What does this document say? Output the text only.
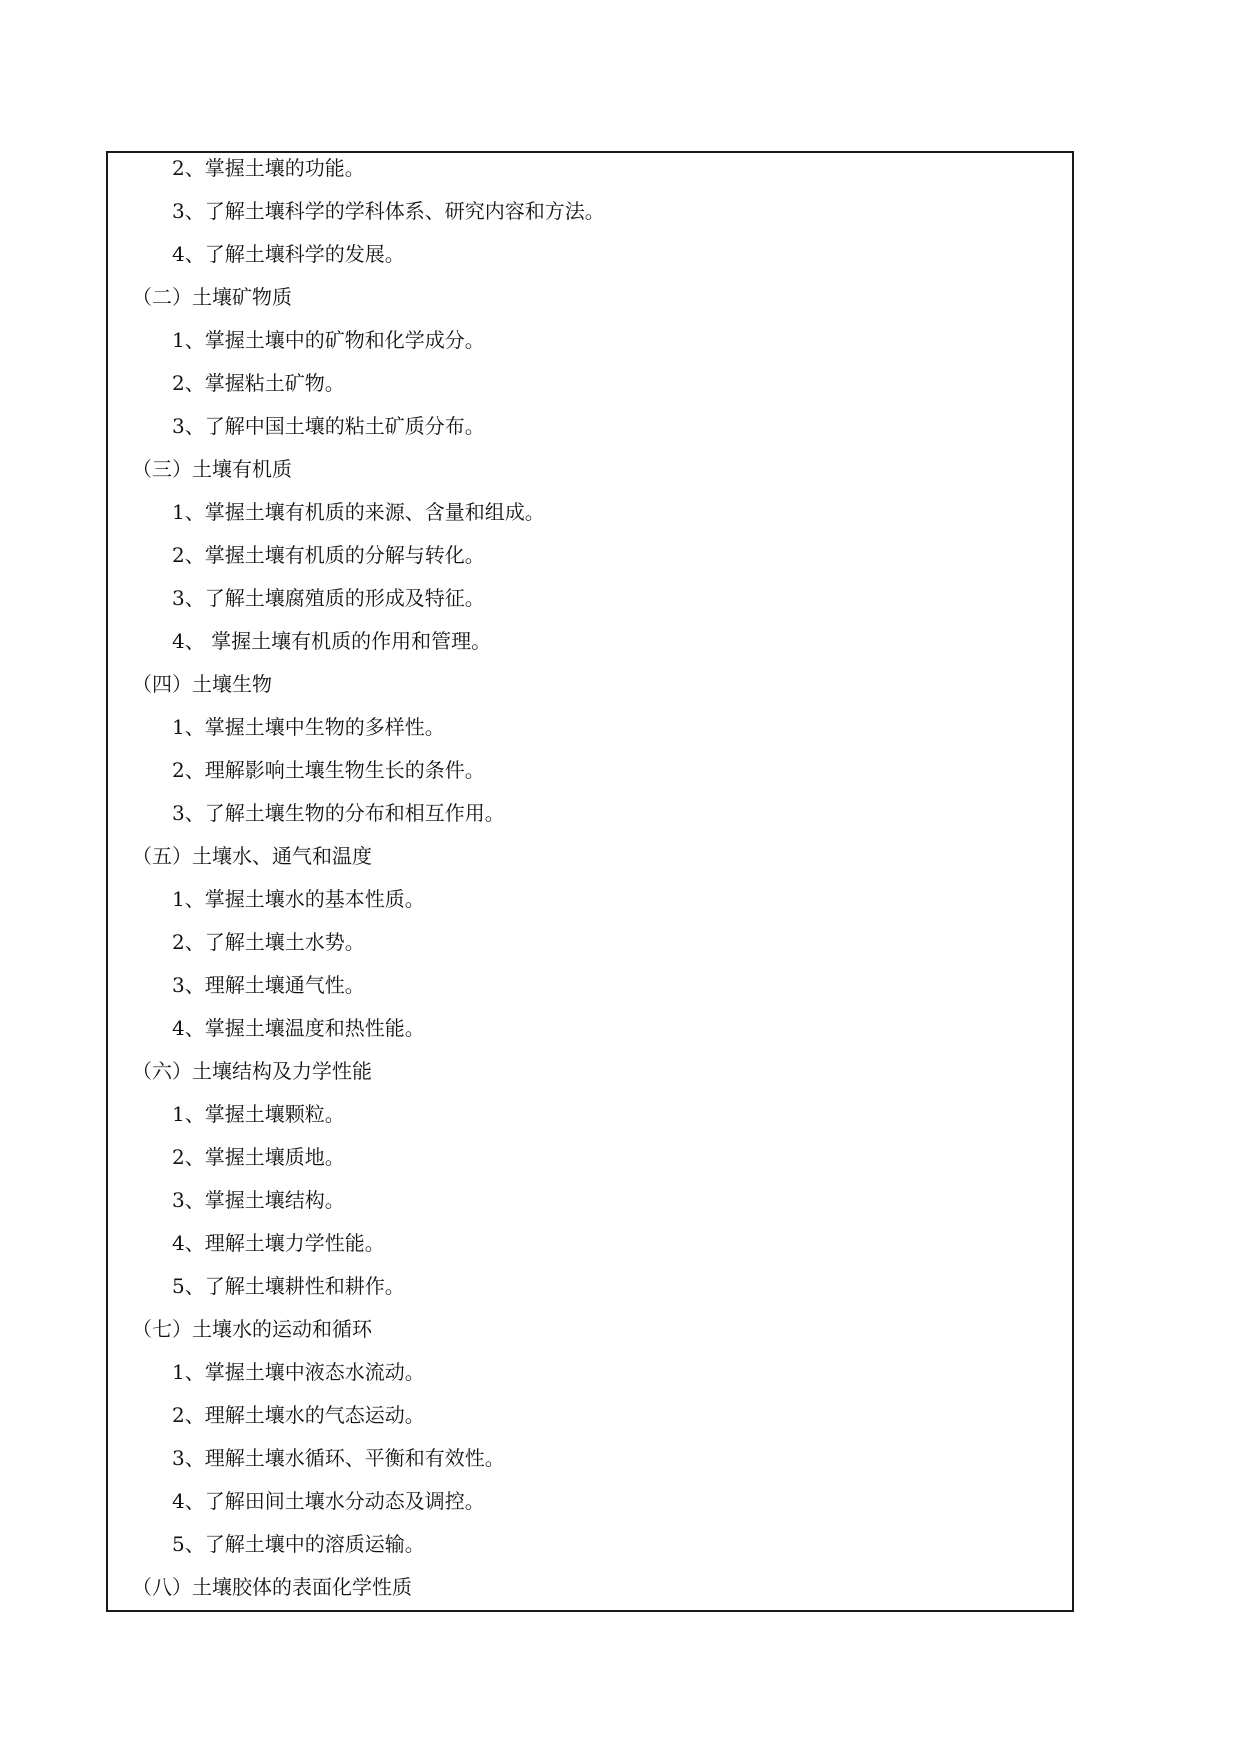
2、掌握土壤的功能。
3、了解土壤科学的学科体系、研究内容和方法。
4、了解土壤科学的发展。
（二）土壤矿物质
1、掌握土壤中的矿物和化学成分。
2、掌握粘土矿物。
3、了解中国土壤的粘土矿质分布。
（三）土壤有机质
1、掌握土壤有机质的来源、含量和组成。
2、掌握土壤有机质的分解与转化。
3、了解土壤腐殖质的形成及特征。
4、 掌握土壤有机质的作用和管理。
（四）土壤生物
1、掌握土壤中生物的多样性。
2、理解影响土壤生物生长的条件。
3、了解土壤生物的分布和相互作用。
（五）土壤水、通气和温度
1、掌握土壤水的基本性质。
2、了解土壤土水势。
3、理解土壤通气性。
4、掌握土壤温度和热性能。
（六）土壤结构及力学性能
1、掌握土壤颗粒。
2、掌握土壤质地。
3、掌握土壤结构。
4、理解土壤力学性能。
5、了解土壤耕性和耕作。
（七）土壤水的运动和循环
1、掌握土壤中液态水流动。
2、理解土壤水的气态运动。
3、理解土壤水循环、平衡和有效性。
4、了解田间土壤水分动态及调控。
5、了解土壤中的溶质运输。
（八）土壤胶体的表面化学性质
